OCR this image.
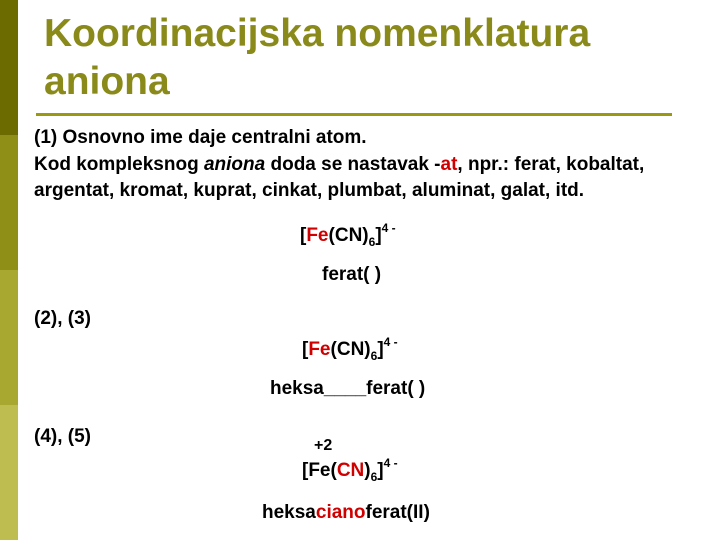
Koordinacijska nomenklatura aniona
(1) Osnovno ime daje centralni atom.
Kod kompleksnog aniona doda se nastavak -at, npr.: ferat, kobaltat,
argentat, kromat, kuprat, cinkat, plumbat, aluminat, galat, itd.
$[Fe(CN)_6]^{4 -}$
ferat( )
(2), (3)
$[Fe(CN)_6]^{4 -}$
heksa____ferat( )
(4), (5)	+2
$[Fe(CN)_6]^{4 -}$
heksacianoferat(II)
